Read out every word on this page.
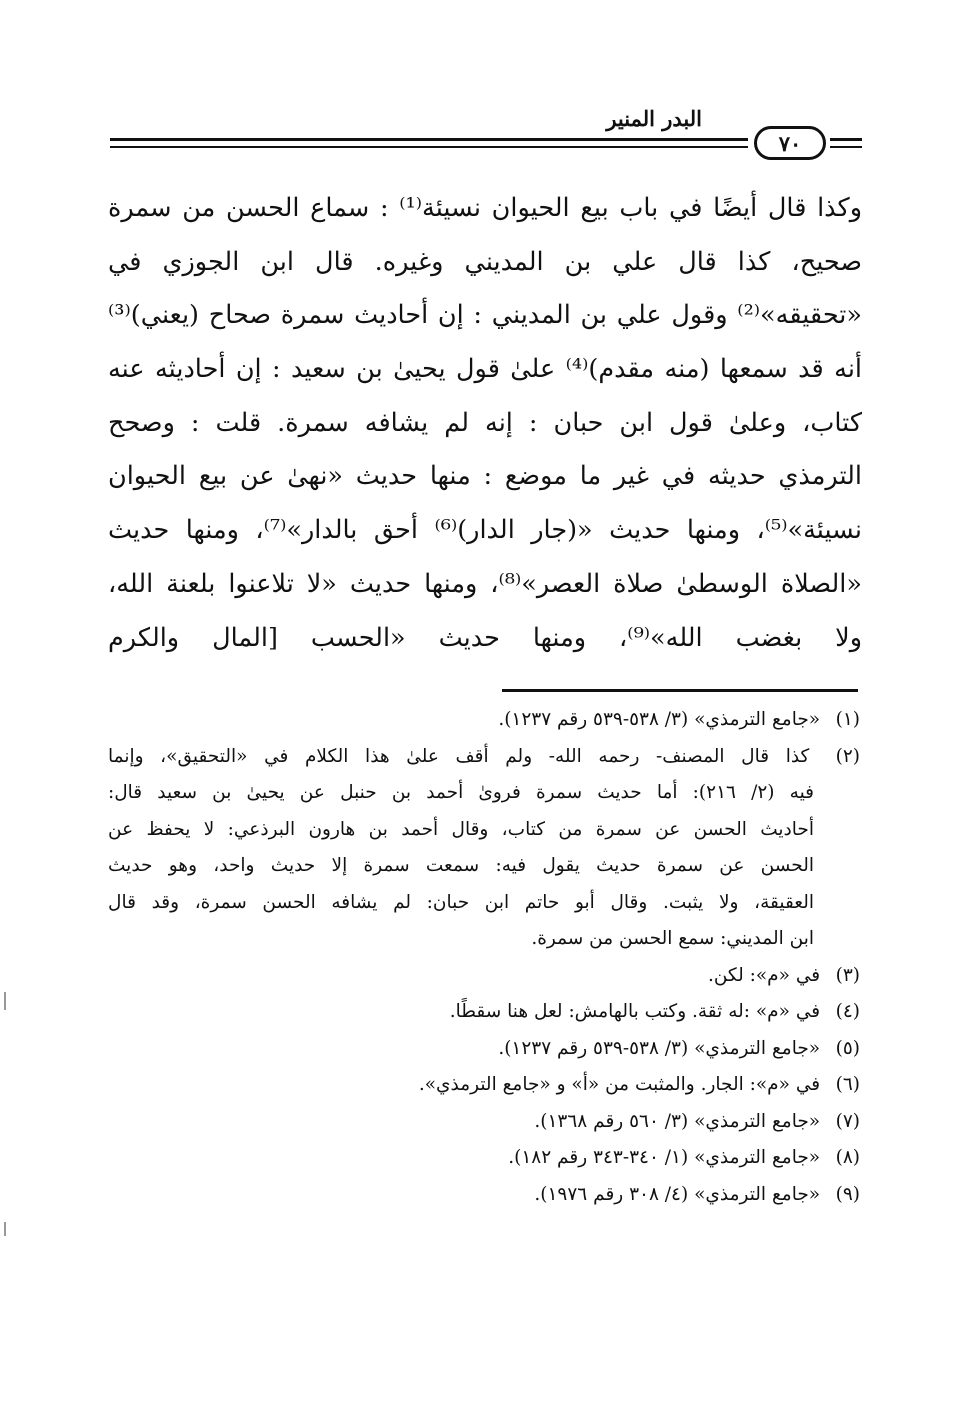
البدر المنير
٧٠
وكذا قال أيضًا في باب بيع الحيوان نسيئة⁽¹⁾ : سماع الحسن من سمرة
صحيح، كذا قال علي بن المديني وغيره. قال ابن الجوزي في
«تحقيقه»⁽²⁾ وقول علي بن المديني : إن أحاديث سمرة صحاح (يعني)⁽³⁾
أنه قد سمعها (منه مقدم)⁽⁴⁾ علىٰ قول يحيىٰ بن سعيد : إن أحاديثه عنه
كتاب، وعلىٰ قول ابن حبان : إنه لم يشافه سمرة. قلت : وصحح
الترمذي حديثه في غير ما موضع : منها حديث «نهىٰ عن بيع الحيوان
نسيئة»⁽⁵⁾، ومنها حديث «(جار الدار)⁽⁶⁾ أحق بالدار»⁽⁷⁾، ومنها حديث
«الصلاة الوسطىٰ صلاة العصر»⁽⁸⁾، ومنها حديث «لا تلاعنوا بلعنة الله،
ولا بغضب الله»⁽⁹⁾، ومنها حديث «الحسب [المال والكرم
(١) «جامع الترمذي» (٣/ ٥٣٨-٥٣٩ رقم ١٢٣٧).
(٢) كذا قال المصنف- رحمه الله- ولم أقف علىٰ هذا الكلام في «التحقيق»، وإنما
فيه (٢/ ٢١٦): أما حديث سمرة فروىٰ أحمد بن حنبل عن يحيىٰ بن سعيد قال:
أحاديث الحسن عن سمرة من كتاب، وقال أحمد بن هارون البرذعي: لا يحفظ عن
الحسن عن سمرة حديث يقول فيه: سمعت سمرة إلا حديث واحد، وهو حديث
العقيقة، ولا يثبت. وقال أبو حاتم ابن حبان: لم يشافه الحسن سمرة، وقد قال
ابن المديني: سمع الحسن من سمرة.
(٣) في «م»: لكن.
(٤) في «م» :له ثقة. وكتب بالهامش: لعل هنا سقطًا.
(٥) «جامع الترمذي» (٣/ ٥٣٨-٥٣٩ رقم ١٢٣٧).
(٦) في «م»: الجار. والمثبت من «أ» و «جامع الترمذي».
(٧) «جامع الترمذي» (٣/ ٥٦٠ رقم ١٣٦٨).
(٨) «جامع الترمذي» (١/ ٣٤٠-٣٤٣ رقم ١٨٢).
(٩) «جامع الترمذي» (٤/ ٣٠٨ رقم ١٩٧٦).
